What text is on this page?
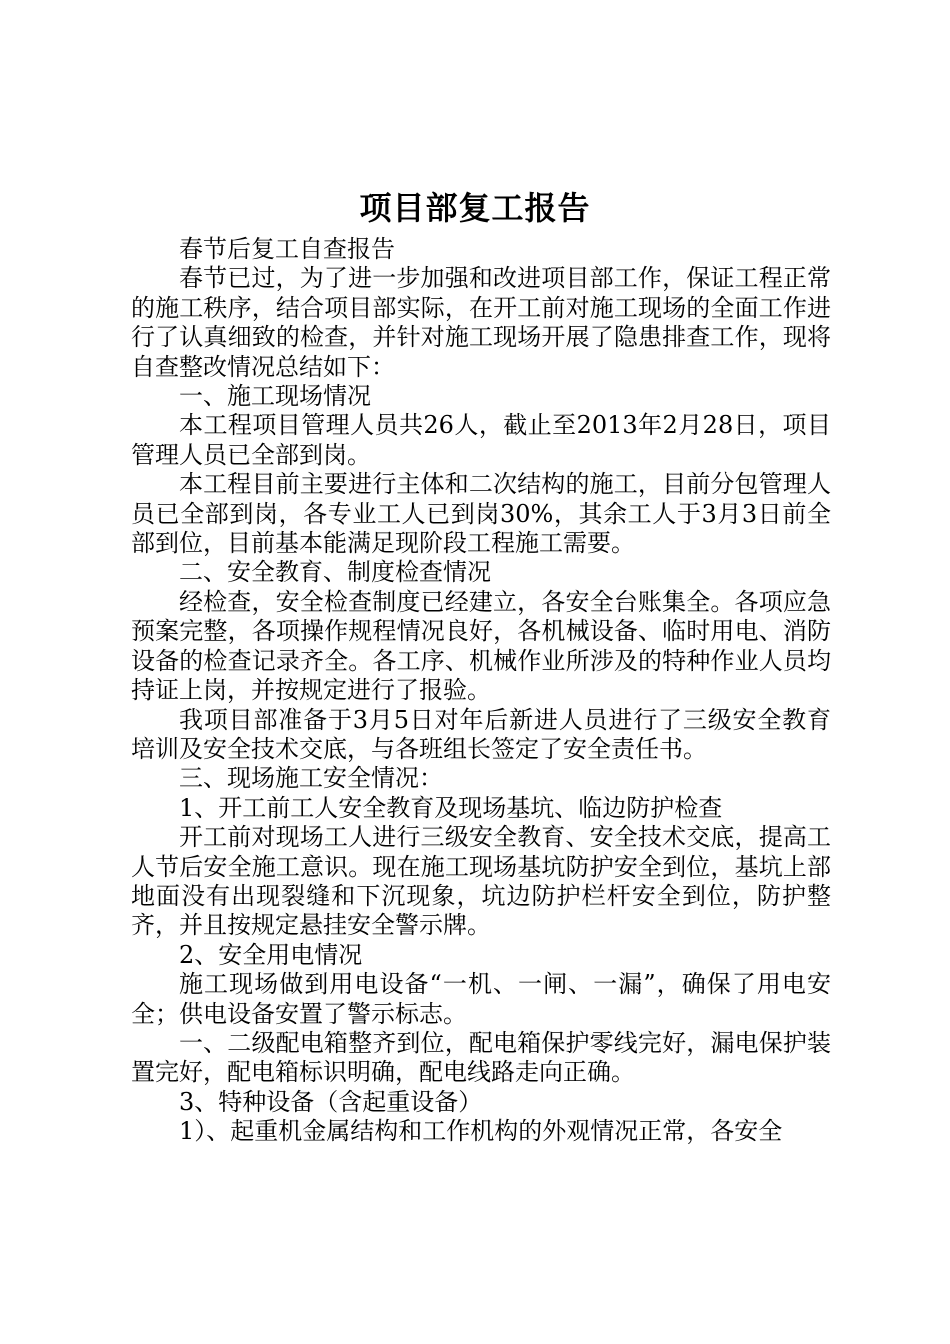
项目部复工报告

春节后复工自查报告

春节已过，为了进一步加强和改进项目部工作，保证工程正常的施工秩序，结合项目部实际，在开工前对施工现场的全面工作进行了认真细致的检查，并针对施工现场开展了隐患排查工作，现将自查整改情况总结如下：

一、施工现场情况

本工程项目管理人员共26人，截止至2013年2月28日，项目管理人员已全部到岗。

本工程目前主要进行主体和二次结构的施工，目前分包管理人员已全部到岗，各专业工人已到岗30%，其余工人于3月3日前全部到位，目前基本能满足现阶段工程施工需要。

二、安全教育、制度检查情况

经检查，安全检查制度已经建立，各安全台账集全。各项应急预案完整，各项操作规程情况良好，各机械设备、临时用电、消防设备的检查记录齐全。各工序、机械作业所涉及的特种作业人员均持证上岗，并按规定进行了报验。

我项目部准备于3月5日对年后新进人员进行了三级安全教育培训及安全技术交底，与各班组长签定了安全责任书。

三、现场施工安全情况：

1、开工前工人安全教育及现场基坑、临边防护检查

开工前对现场工人进行三级安全教育、安全技术交底，提高工人节后安全施工意识。现在施工现场基坑防护安全到位，基坑上部地面没有出现裂缝和下沉现象，坑边防护栏杆安全到位，防护整齐，并且按规定悬挂安全警示牌。

2、安全用电情况

施工现场做到用电设备“一机、一闸、一漏”，确保了用电安全；供电设备安置了警示标志。

一、二级配电箱整齐到位，配电箱保护零线完好，漏电保护装置完好，配电箱标识明确，配电线路走向正确。

3、特种设备（含起重设备）

1）、起重机金属结构和工作机构的外观情况正常，各安全
